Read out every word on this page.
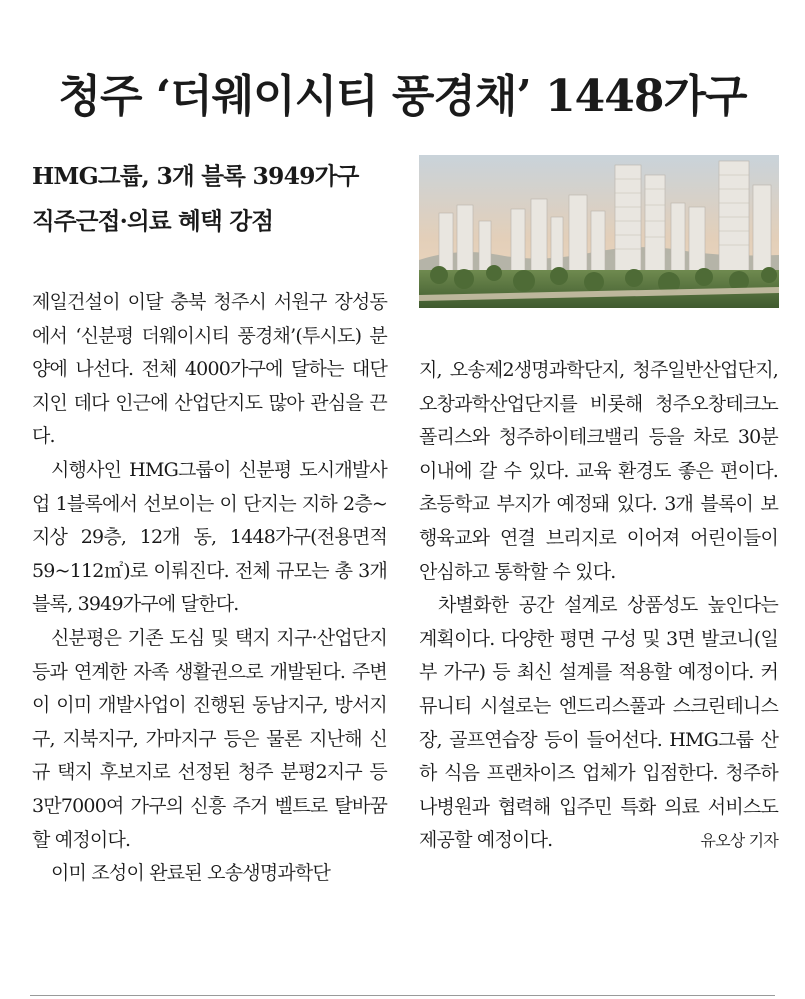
청주 ‘더웨이시티 풍경채’ 1448가구
HMG그룹, 3개 블록 3949가구
직주근접·의료 혜택 강점

제일건설이 이달 충북 청주시 서원구 장성동에서 ‘신분평 더웨이시티 풍경채’(투시도) 분양에 나선다. 전체 4000가구에 달하는 대단지인 데다 인근에 산업단지도 많아 관심을 끈다.

시행사인 HMG그룹이 신분평 도시개발사업 1블록에서 선보이는 이 단지는 지하 2층~지상 29층, 12개 동, 1448가구(전용면적 59~112㎡)로 이뤄진다. 전체 규모는 총 3개 블록, 3949가구에 달한다.

신분평은 기존 도심 및 택지 지구·산업단지 등과 연계한 자족 생활권으로 개발된다. 주변이 이미 개발사업이 진행된 동남지구, 방서지구, 지북지구, 가마지구 등은 물론 지난해 신규 택지 후보지로 선정된 청주 분평2지구 등 3만7000여 가구의 신흥 주거 벨트로 탈바꿈할 예정이다.

이미 조성이 완료된 오송생명과학단

지, 오송제2생명과학단지, 청주일반산업단지, 오창과학산업단지를 비롯해 청주오창테크노폴리스와 청주하이테크밸리 등을 차로 30분 이내에 갈 수 있다. 교육 환경도 좋은 편이다. 초등학교 부지가 예정돼 있다. 3개 블록이 보행육교와 연결 브리지로 이어져 어린이들이 안심하고 통학할 수 있다.

차별화한 공간 설계로 상품성도 높인다는 계획이다. 다양한 평면 구성 및 3면 발코니(일부 가구) 등 최신 설계를 적용할 예정이다. 커뮤니티 시설로는 엔드리스풀과 스크린테니스장, 골프연습장 등이 들어선다. HMG그룹 산하 식음 프랜차이즈 업체가 입점한다. 청주하나병원과 협력해 입주민 특화 의료 서비스도 제공할 예정이다.	유오상 기자
